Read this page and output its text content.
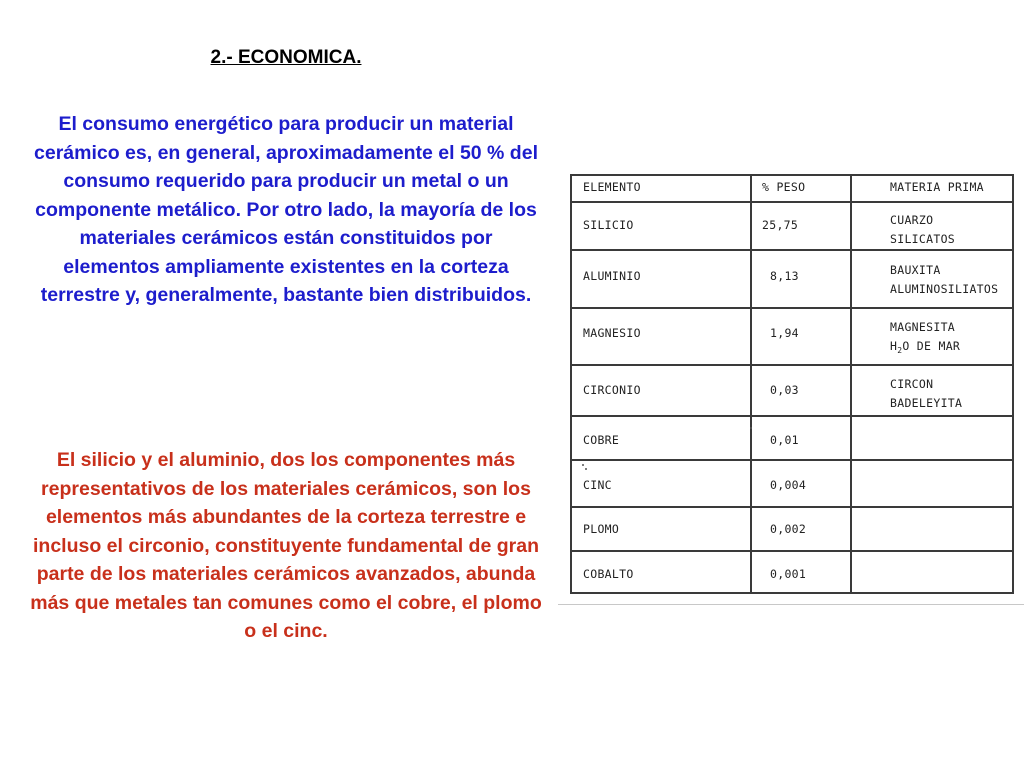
2.- ECONOMICA.
El consumo energético para producir un material cerámico es, en general, aproximadamente el 50 % del consumo requerido para producir un metal o un componente metálico. Por otro lado, la mayoría de los materiales cerámicos están constituidos por elementos ampliamente existentes en la corteza terrestre y, generalmente, bastante bien distribuidos.
El silicio y el aluminio, dos los componentes más representativos de los materiales cerámicos, son los elementos más abundantes de la corteza terrestre e incluso el circonio, constituyente fundamental de gran parte de los materiales cerámicos avanzados, abunda más que metales tan comunes como el cobre, el plomo o el cinc.
ELEMENTO	% PESO	MATERIA PRIMA
SILICIO	25,75	CUARZO
SILICATOS
ALUMINIO	8,13	BAUXITA
ALUMINOSILIATOS
MAGNESIO	1,94	MAGNESITA
$H_2O$ DE MAR
CIRCONIO	0,03	CIRCON
BADELEYITA
COBRE	0,01
CINC	0,004
PLOMO	0,002
COBALTO	0,001
